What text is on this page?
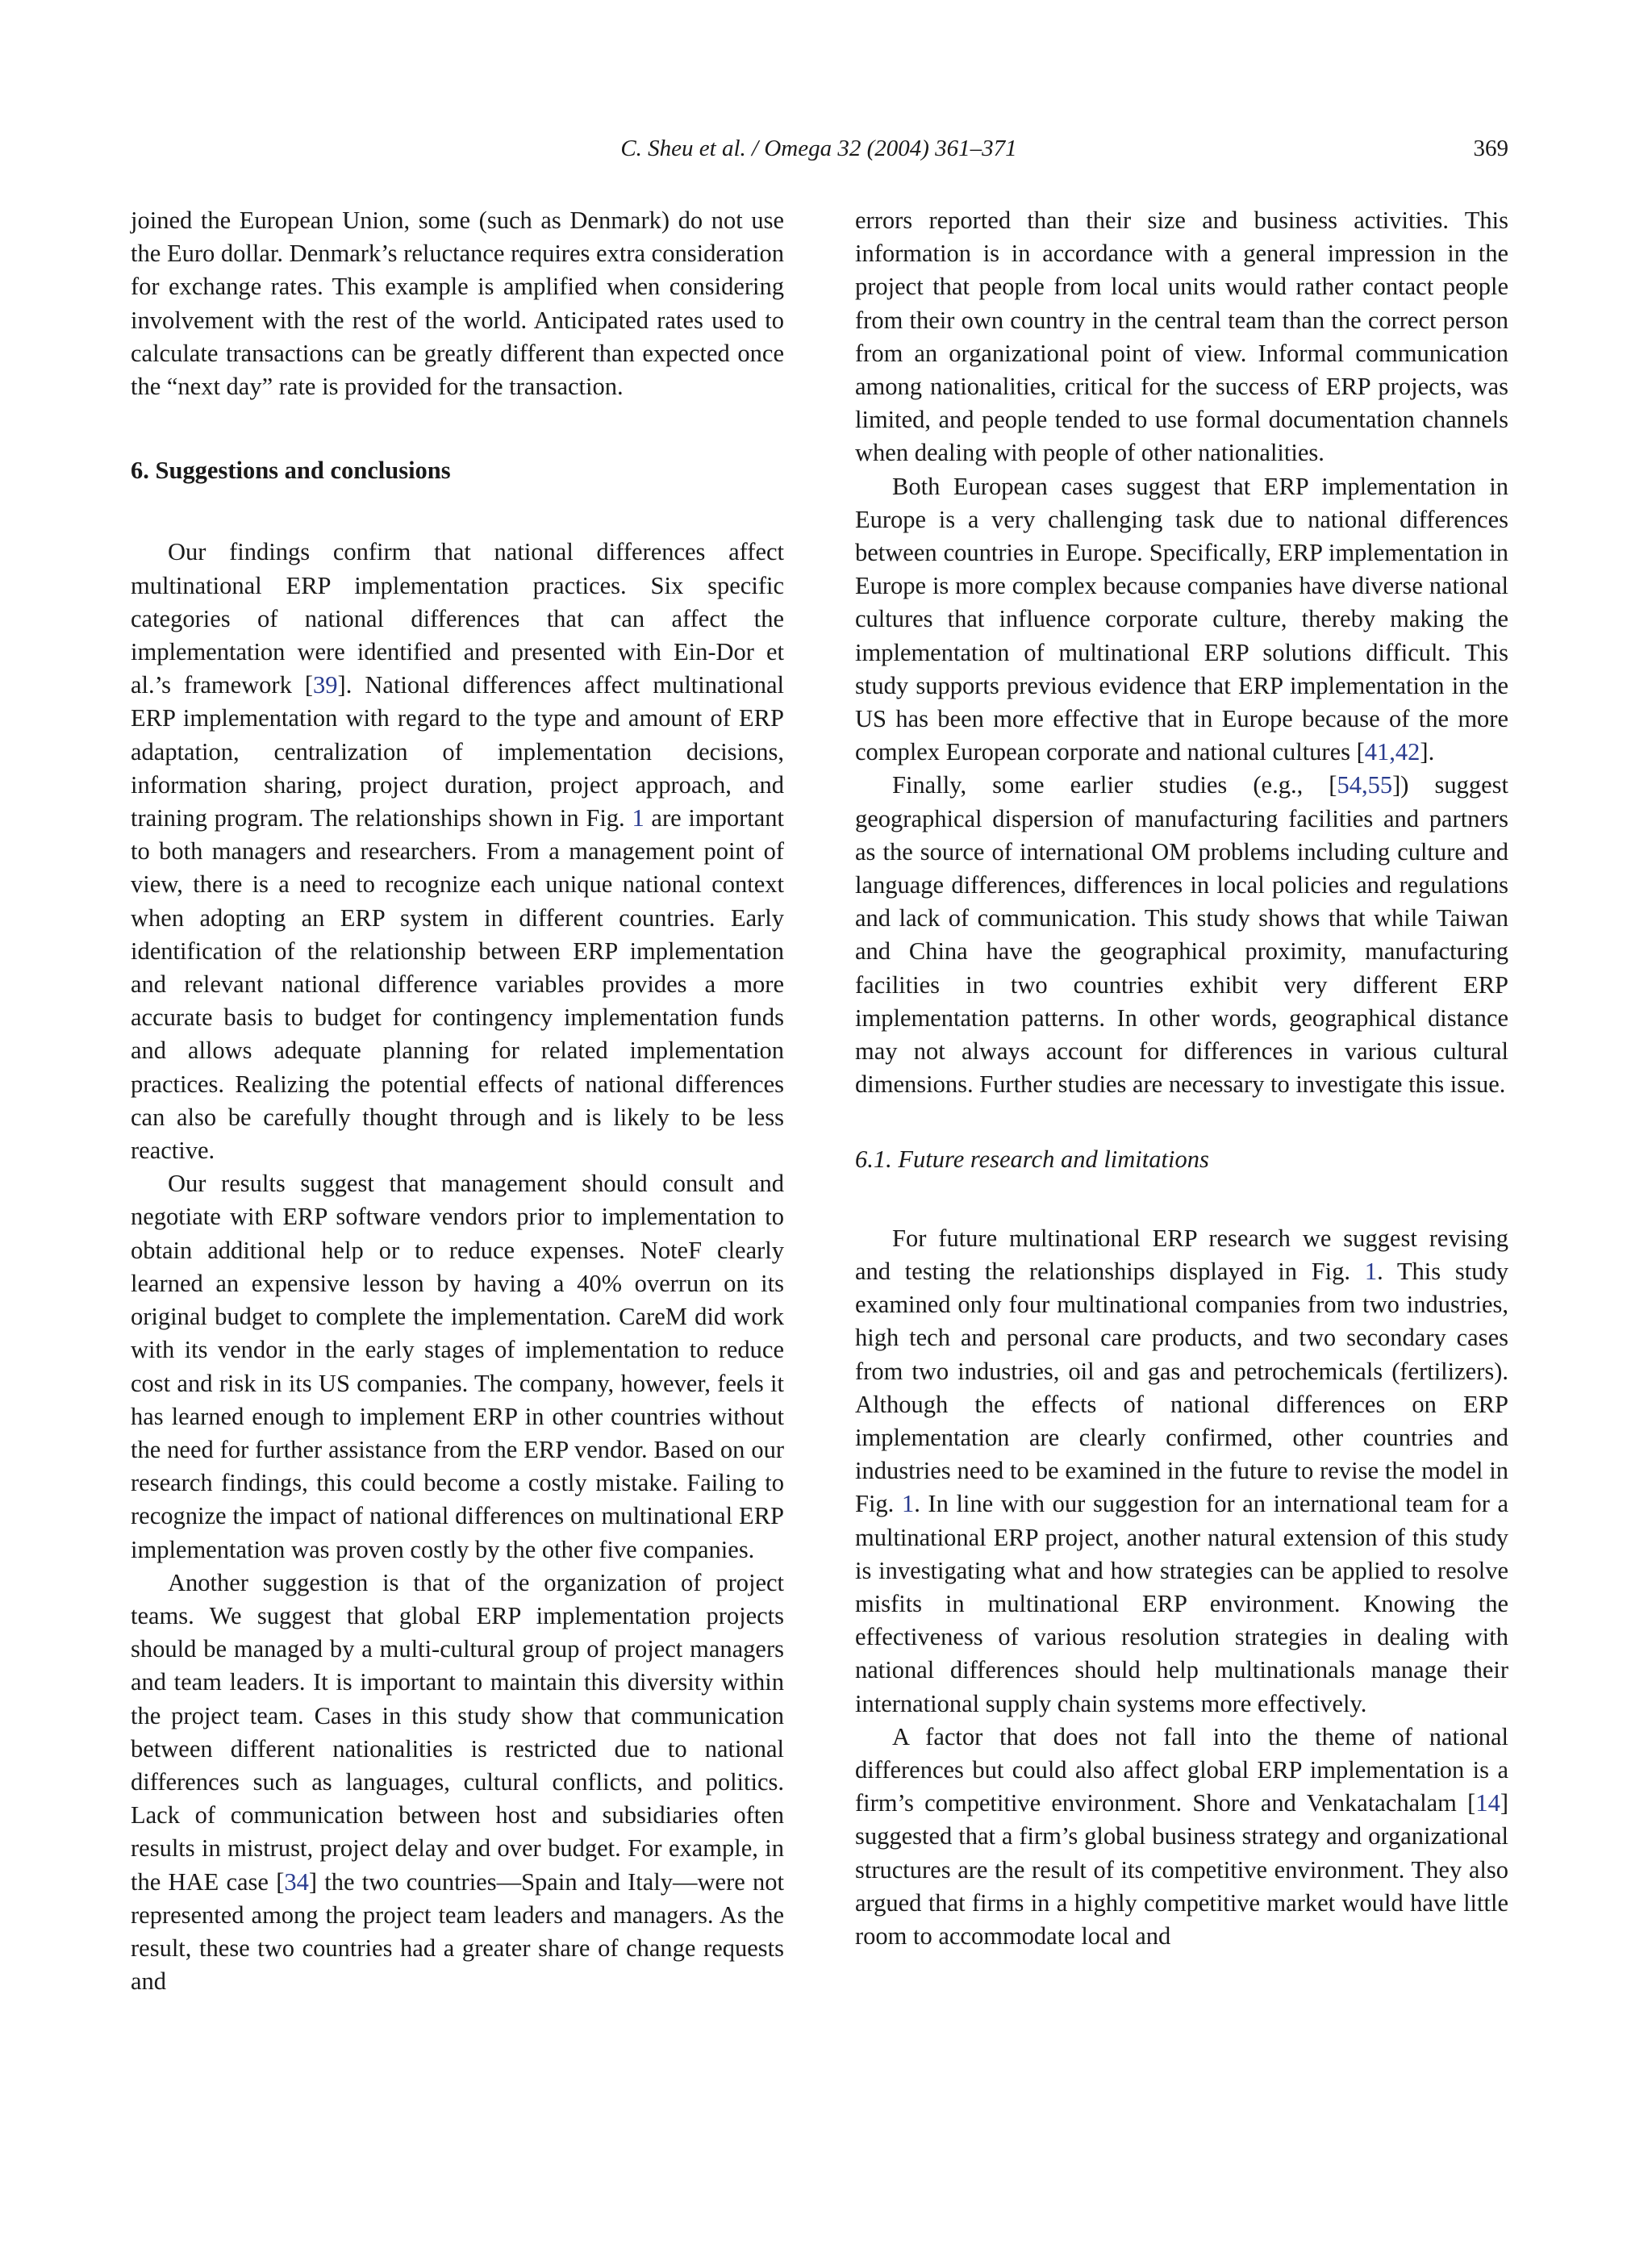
C. Sheu et al. / Omega 32 (2004) 361–371	369

joined the European Union, some (such as Denmark) do not use the Euro dollar. Denmark’s reluctance requires extra consideration for exchange rates. This example is amplified when considering involvement with the rest of the world. Anticipated rates used to calculate transactions can be greatly different than expected once the “next day” rate is provided for the transaction.

6. Suggestions and conclusions

Our findings confirm that national differences affect multinational ERP implementation practices. Six specific categories of national differences that can affect the implementation were identified and presented with Ein-Dor et al.’s framework [39]. National differences affect multinational ERP implementation with regard to the type and amount of ERP adaptation, centralization of implementation decisions, information sharing, project duration, project approach, and training program. The relationships shown in Fig. 1 are important to both managers and researchers. From a management point of view, there is a need to recognize each unique national context when adopting an ERP system in different countries. Early identification of the relationship between ERP implementation and relevant national difference variables provides a more accurate basis to budget for contingency implementation funds and allows adequate planning for related implementation practices. Realizing the potential effects of national differences can also be carefully thought through and is likely to be less reactive.

Our results suggest that management should consult and negotiate with ERP software vendors prior to implementation to obtain additional help or to reduce expenses. NoteF clearly learned an expensive lesson by having a 40% overrun on its original budget to complete the implementation. CareM did work with its vendor in the early stages of implementation to reduce cost and risk in its US companies. The company, however, feels it has learned enough to implement ERP in other countries without the need for further assistance from the ERP vendor. Based on our research findings, this could become a costly mistake. Failing to recognize the impact of national differences on multinational ERP implementation was proven costly by the other five companies.

Another suggestion is that of the organization of project teams. We suggest that global ERP implementation projects should be managed by a multi-cultural group of project managers and team leaders. It is important to maintain this diversity within the project team. Cases in this study show that communication between different nationalities is restricted due to national differences such as languages, cultural conflicts, and politics. Lack of communication between host and subsidiaries often results in mistrust, project delay and over budget. For example, in the HAE case [34] the two countries—Spain and Italy—were not represented among the project team leaders and managers. As the result, these two countries had a greater share of change requests and

errors reported than their size and business activities. This information is in accordance with a general impression in the project that people from local units would rather contact people from their own country in the central team than the correct person from an organizational point of view. Informal communication among nationalities, critical for the success of ERP projects, was limited, and people tended to use formal documentation channels when dealing with people of other nationalities.

Both European cases suggest that ERP implementation in Europe is a very challenging task due to national differences between countries in Europe. Specifically, ERP implementation in Europe is more complex because companies have diverse national cultures that influence corporate culture, thereby making the implementation of multinational ERP solutions difficult. This study supports previous evidence that ERP implementation in the US has been more effective that in Europe because of the more complex European corporate and national cultures [41,42].

Finally, some earlier studies (e.g., [54,55]) suggest geographical dispersion of manufacturing facilities and partners as the source of international OM problems including culture and language differences, differences in local policies and regulations and lack of communication. This study shows that while Taiwan and China have the geographical proximity, manufacturing facilities in two countries exhibit very different ERP implementation patterns. In other words, geographical distance may not always account for differences in various cultural dimensions. Further studies are necessary to investigate this issue.

6.1. Future research and limitations

For future multinational ERP research we suggest revising and testing the relationships displayed in Fig. 1. This study examined only four multinational companies from two industries, high tech and personal care products, and two secondary cases from two industries, oil and gas and petrochemicals (fertilizers). Although the effects of national differences on ERP implementation are clearly confirmed, other countries and industries need to be examined in the future to revise the model in Fig. 1. In line with our suggestion for an international team for a multinational ERP project, another natural extension of this study is investigating what and how strategies can be applied to resolve misfits in multinational ERP environment. Knowing the effectiveness of various resolution strategies in dealing with national differences should help multinationals manage their international supply chain systems more effectively.

A factor that does not fall into the theme of national differences but could also affect global ERP implementation is a firm’s competitive environment. Shore and Venkatachalam [14] suggested that a firm’s global business strategy and organizational structures are the result of its competitive environment. They also argued that firms in a highly competitive market would have little room to accommodate local and
